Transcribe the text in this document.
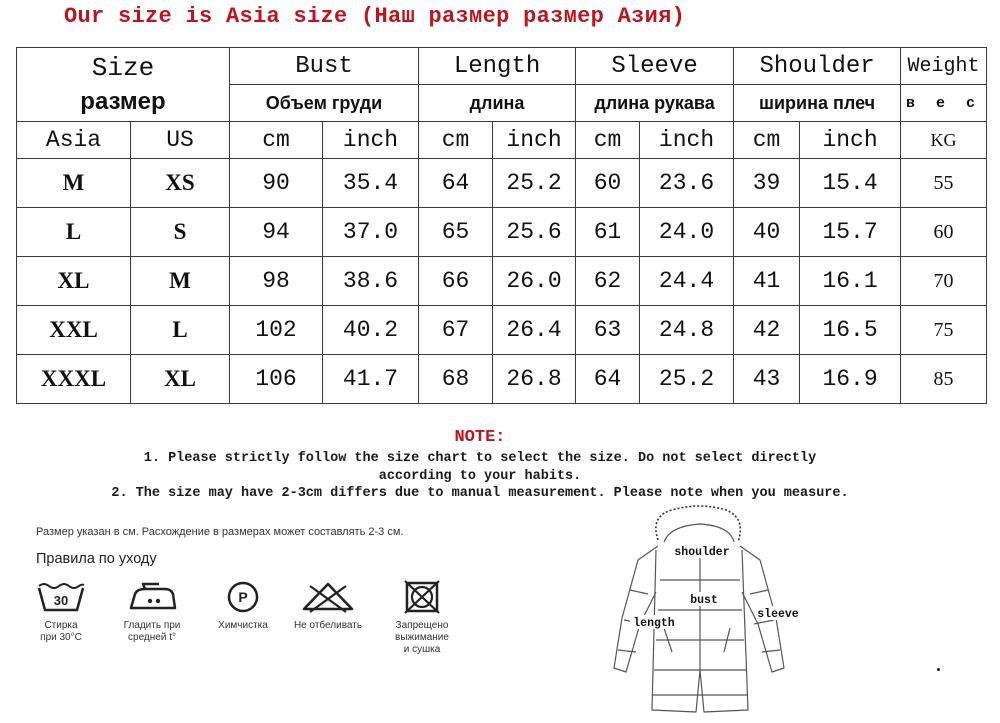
Our size is Asia size (Наш размер размер Азия)
Size
размер		Bust		Length		Sleeve		Shoulder		Weight
		Объем груди		длина		длина рукава		ширина плеч		в е с
Asia	US	cm	inch	cm	inch	cm	inch	cm	inch	KG
M	XS	90	35.4	64	25.2	60	23.6	39	15.4	55
L	S	94	37.0	65	25.6	61	24.0	40	15.7	60
XL	M	98	38.6	66	26.0	62	24.4	41	16.1	70
XXL	L	102	40.2	67	26.4	63	24.8	42	16.5	75
XXXL	XL	106	41.7	68	26.8	64	25.2	43	16.9	85
NOTE:
1. Please strictly follow the size chart to select the size. Do not select directly
according to your habits.
2. The size may have 2-3cm differs due to manual measurement. Please note when you measure.
Размер указан в см. Расхождение в размерах может составлять 2-3 см.
Правила по уходу
30
Стирка
при 30°C
Гладить при
средней t°
P
Химчистка	Не отбеливать	Запрещено
выжимание
и сушка
shoulder
bust
sleeve
length
